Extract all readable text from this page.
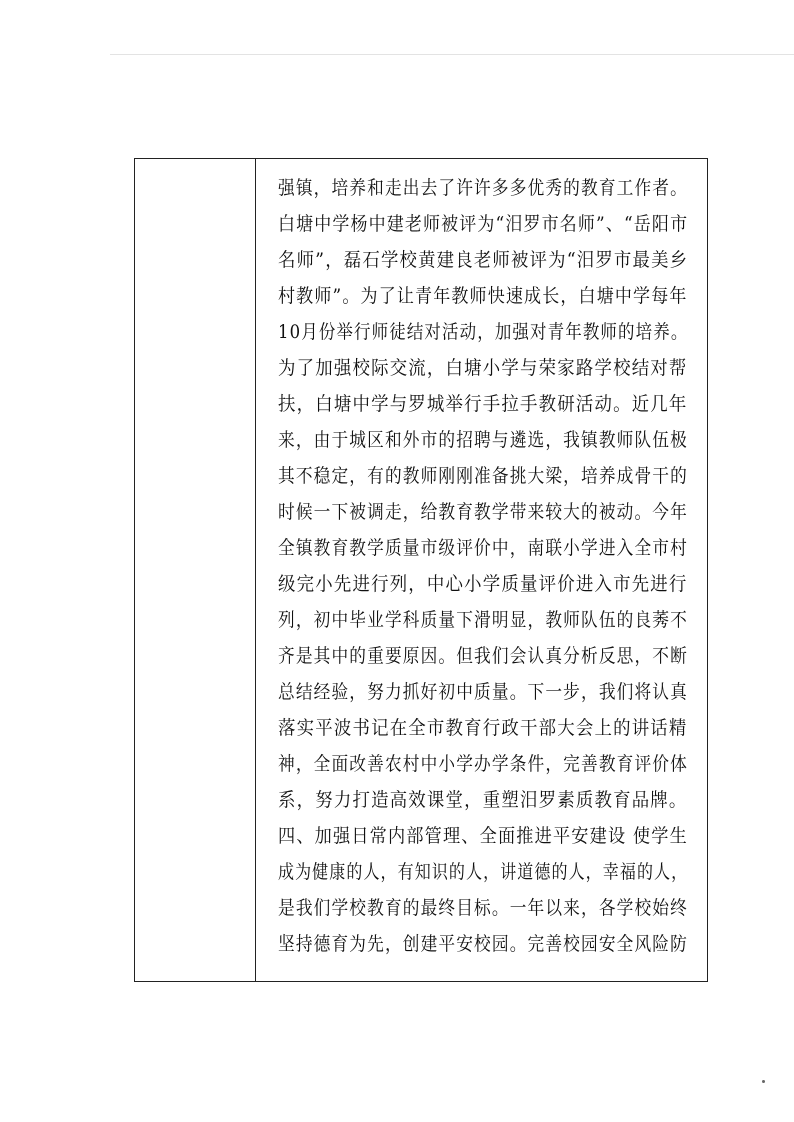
强镇，培养和走出去了许许多多优秀的教育工作者。
白塘中学杨中建老师被评为“汨罗市名师”、“岳阳市
名师”，磊石学校黄建良老师被评为“汨罗市最美乡
村教师”。为了让青年教师快速成长，白塘中学每年
10月份举行师徒结对活动，加强对青年教师的培养。
为了加强校际交流，白塘小学与荣家路学校结对帮
扶，白塘中学与罗城举行手拉手教研活动。近几年
来，由于城区和外市的招聘与遴选，我镇教师队伍极
其不稳定，有的教师刚刚准备挑大梁，培养成骨干的
时候一下被调走，给教育教学带来较大的被动。今年
全镇教育教学质量市级评价中，南联小学进入全市村
级完小先进行列，中心小学质量评价进入市先进行
列，初中毕业学科质量下滑明显，教师队伍的良莠不
齐是其中的重要原因。但我们会认真分析反思，不断
总结经验，努力抓好初中质量。下一步，我们将认真
落实平波书记在全市教育行政干部大会上的讲话精
神，全面改善农村中小学办学条件，完善教育评价体
系，努力打造高效课堂，重塑汨罗素质教育品牌。
四、加强日常内部管理、全面推进平安建设 使学生
成为健康的人，有知识的人，讲道德的人，幸福的人，
是我们学校教育的最终目标。一年以来，各学校始终
坚持德育为先，创建平安校园。完善校园安全风险防
